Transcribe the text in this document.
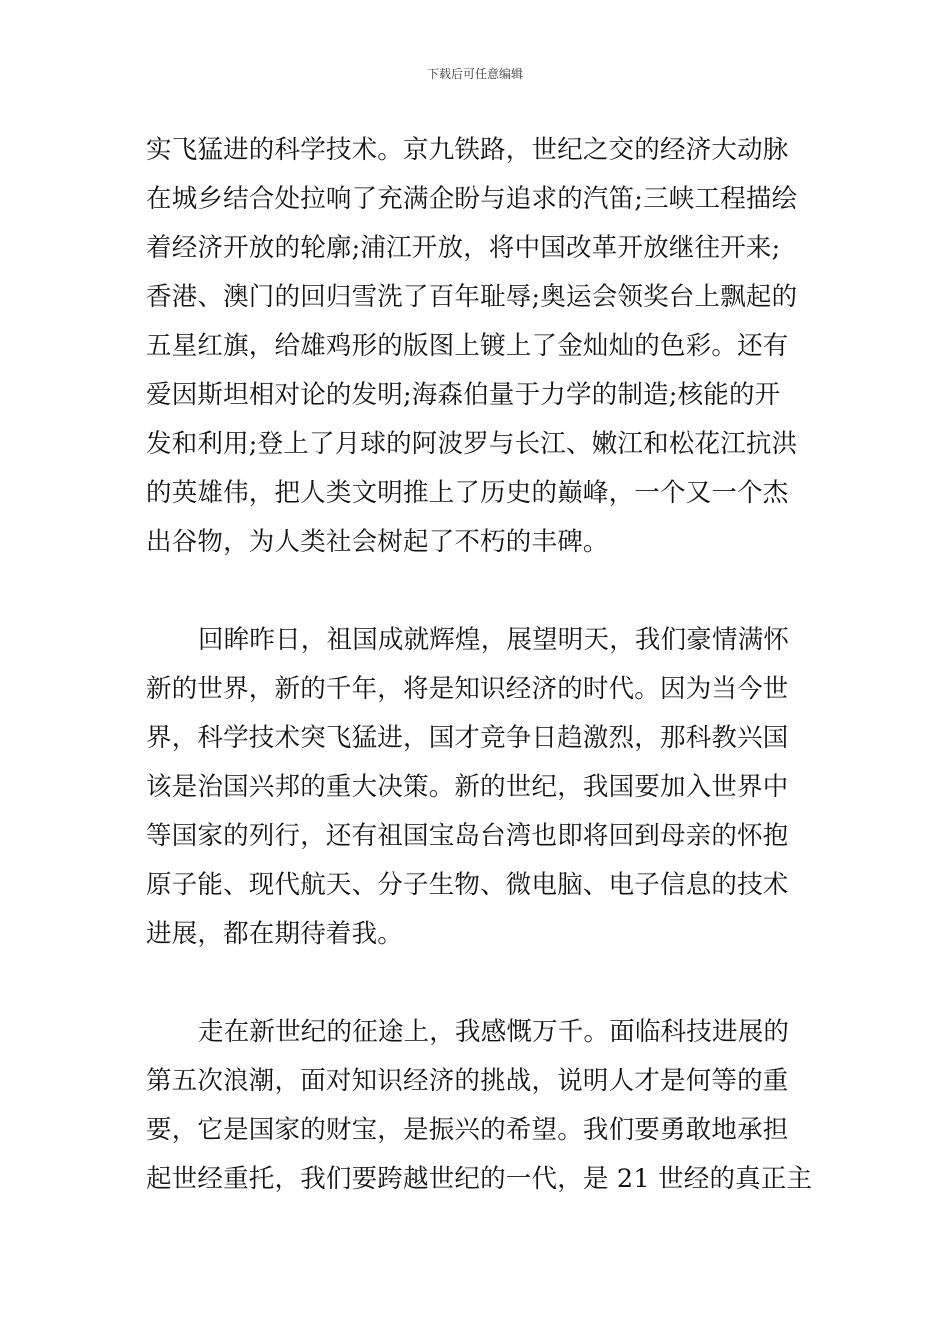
下载后可任意编辑
实飞猛进的科学技术。京九铁路，世纪之交的经济大动脉
在城乡结合处拉响了充满企盼与追求的汽笛;三峡工程描绘
着经济开放的轮廓;浦江开放，将中国改革开放继往开来;
香港、澳门的回归雪洗了百年耻辱;奥运会领奖台上飘起的
五星红旗，给雄鸡形的版图上镀上了金灿灿的色彩。还有
爱因斯坦相对论的发明;海森伯量于力学的制造;核能的开
发和利用;登上了月球的阿波罗与长江、嫩江和松花江抗洪
的英雄伟，把人类文明推上了历史的巅峰，一个又一个杰
出谷物，为人类社会树起了不朽的丰碑。
回眸昨日，祖国成就辉煌，展望明天，我们豪情满怀
新的世界，新的千年，将是知识经济的时代。因为当今世
界，科学技术突飞猛进，国才竞争日趋激烈，那科教兴国
该是治国兴邦的重大决策。新的世纪，我国要加入世界中
等国家的列行，还有祖国宝岛台湾也即将回到母亲的怀抱
原子能、现代航天、分子生物、微电脑、电子信息的技术
进展，都在期待着我。
走在新世纪的征途上，我感慨万千。面临科技进展的
第五次浪潮，面对知识经济的挑战，说明人才是何等的重
要，它是国家的财宝，是振兴的希望。我们要勇敢地承担
起世经重托，我们要跨越世纪的一代，是 21 世经的真正主
